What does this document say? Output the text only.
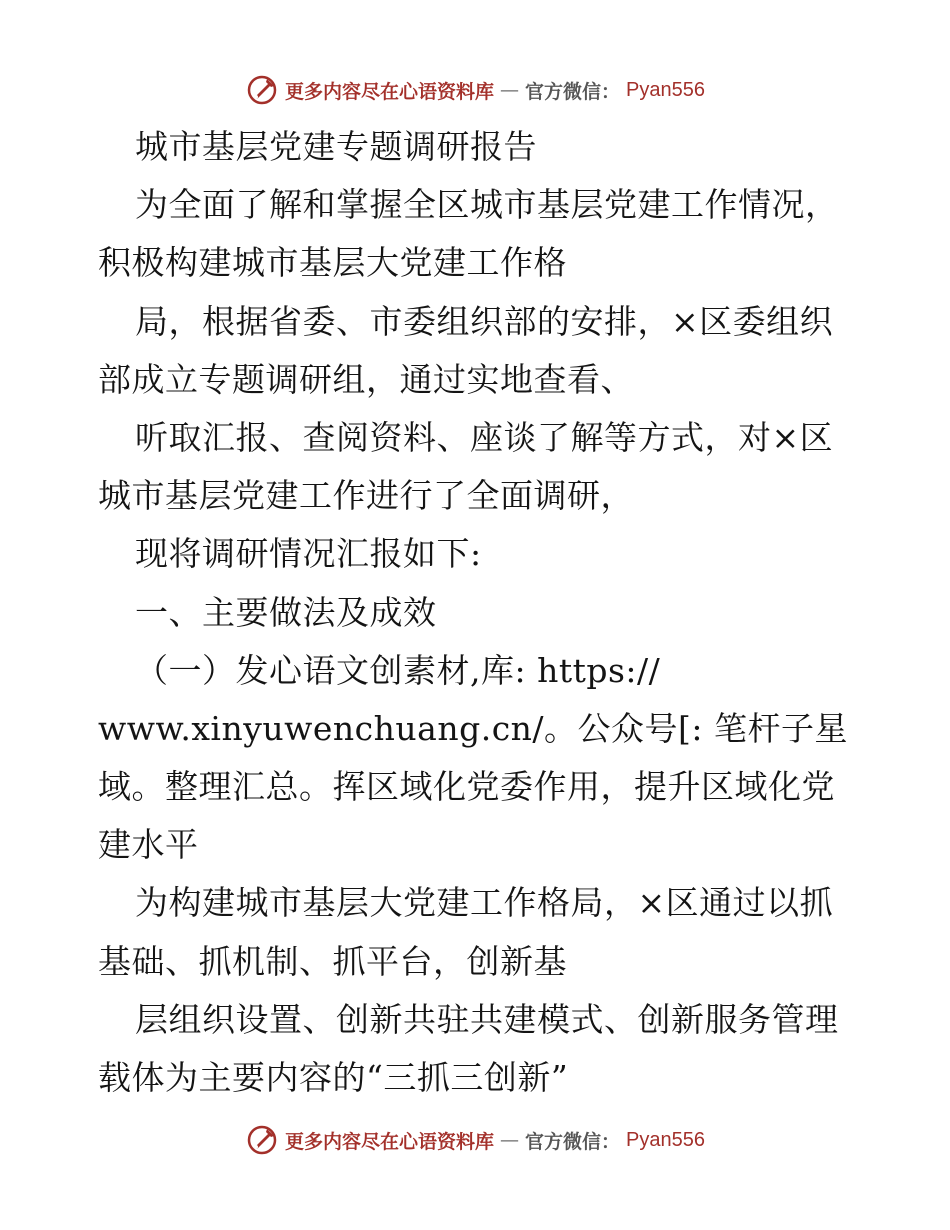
更多内容尽在心语资料库 — 官方微信： Pyan556
城市基层党建专题调研报告
为全面了解和掌握全区城市基层党建工作情况，
积极构建城市基层大党建工作格
局，根据省委、市委组织部的安排，×区委组织
部成立专题调研组，通过实地查看、
听取汇报、查阅资料、座谈了解等方式，对×区
城市基层党建工作进行了全面调研，
现将调研情况汇报如下:
一、主要做法及成效
（一）发心语文创素材,库: https://
www.xinyuwenchuang.cn/。公众号[: 笔杆子星
域。整理汇总。挥区域化党委作用，提升区域化党
建水平
为构建城市基层大党建工作格局，×区通过以抓
基础、抓机制、抓平台，创新基
层组织设置、创新共驻共建模式、创新服务管理
载体为主要内容的“三抓三创新”
更多内容尽在心语资料库 — 官方微信： Pyan556
